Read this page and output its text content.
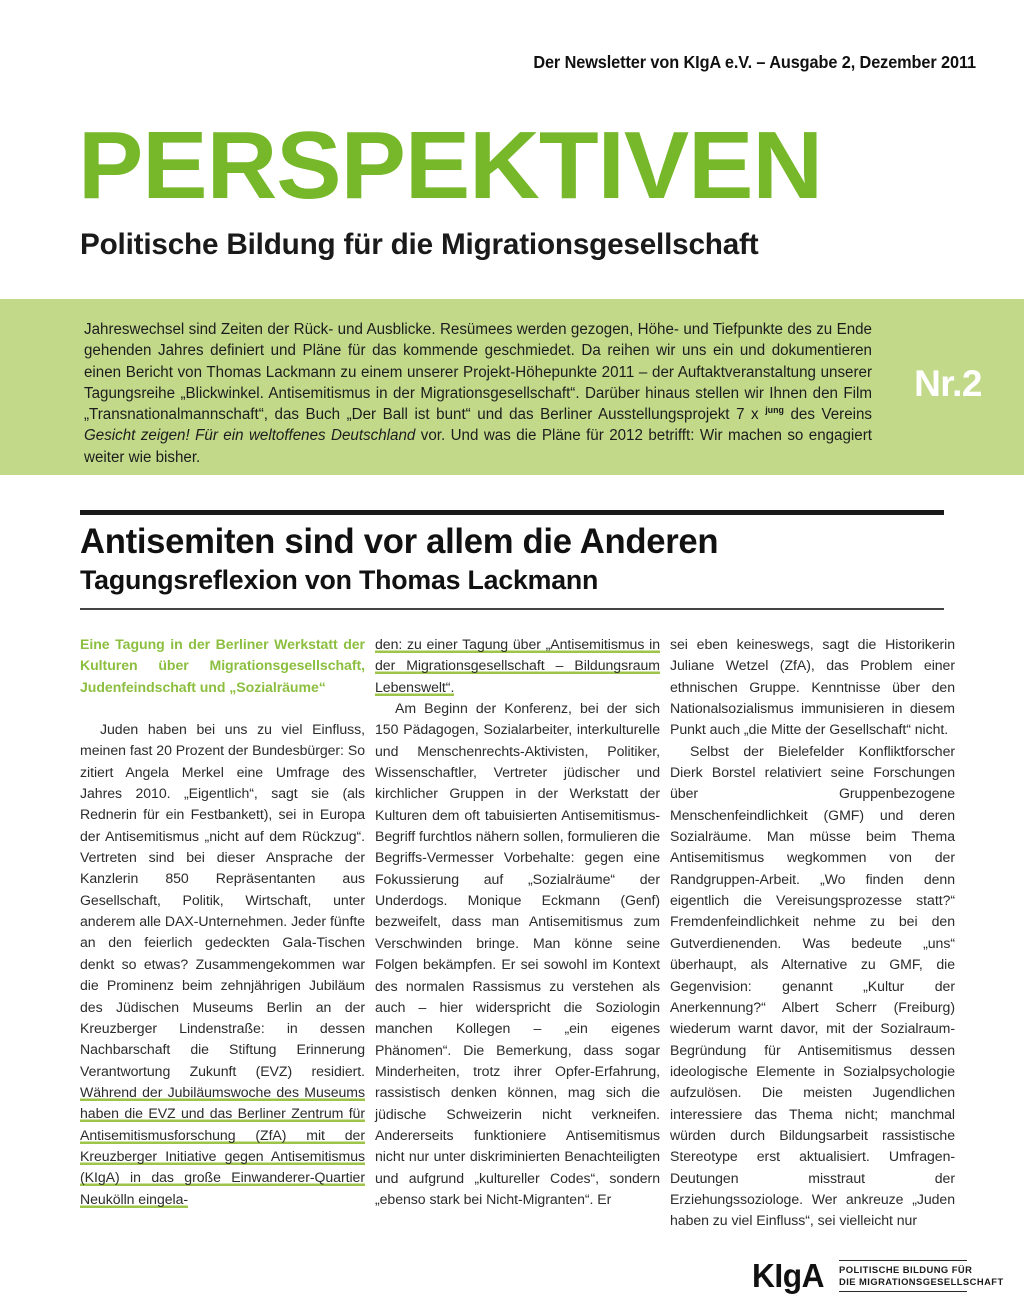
Der Newsletter von KIgA e.V. – Ausgabe 2, Dezember 2011
PERSPEKTIVEN
Politische Bildung für die Migrationsgesellschaft
Jahreswechsel sind Zeiten der Rück- und Ausblicke. Resümees werden gezogen, Höhe- und Tiefpunkte des zu Ende gehenden Jahres definiert und Pläne für das kommende geschmiedet. Da reihen wir uns ein und dokumentieren einen Bericht von Thomas Lackmann zu einem unserer Projekt-Höhepunkte 2011 – der Auftaktveranstaltung unserer Tagungsreihe „Blickwinkel. Antisemitismus in der Migrationsgesellschaft“. Darüber hinaus stellen wir Ihnen den Film „Transnationalmannschaft“, das Buch „Der Ball ist bunt“ und das Berliner Ausstellungsprojekt 7 x $^{jung}$ des Vereins Gesicht zeigen! Für ein weltoffenes Deutschland vor. Und was die Pläne für 2012 betrifft: Wir machen so engagiert weiter wie bisher.
Nr.2
Antisemiten sind vor allem die Anderen
Tagungsreflexion von Thomas Lackmann
Eine Tagung in der Berliner Werkstatt der Kulturen über Migrationsgesellschaft, Judenfeindschaft und „Sozialräume“
Juden haben bei uns zu viel Einfluss, meinen fast 20 Prozent der Bundesbürger: So zitiert Angela Merkel eine Umfrage des Jahres 2010. „Eigentlich“, sagt sie (als Rednerin für ein Festbankett), sei in Europa der Antisemitismus „nicht auf dem Rückzug“. Vertreten sind bei dieser Ansprache der Kanzlerin 850 Repräsentanten aus Gesellschaft, Politik, Wirtschaft, unter anderem alle DAX-Unternehmen. Jeder fünfte an den feierlich gedeckten Gala-Tischen denkt so etwas? Zusammengekommen war die Prominenz beim zehnjährigen Jubiläum des Jüdischen Museums Berlin an der Kreuzberger Lindenstraße: in dessen Nachbarschaft die Stiftung Erinnerung Verantwortung Zukunft (EVZ) residiert. Während der Jubiläumswoche des Museums haben die EVZ und das Berliner Zentrum für Antisemitismusforschung (ZfA) mit der Kreuzberger Initiative gegen Antisemitismus (KIgA) in das große Einwanderer-Quartier Neukölln eingela-
den: zu einer Tagung über „Antisemitismus in der Migrationsgesellschaft – Bildungsraum Lebenswelt“.
Am Beginn der Konferenz, bei der sich 150 Pädagogen, Sozialarbeiter, interkulturelle und Menschenrechts-Aktivisten, Politiker, Wissenschaftler, Vertreter jüdischer und kirchlicher Gruppen in der Werkstatt der Kulturen dem oft tabuisierten Antisemitismus-Begriff furchtlos nähern sollen, formulieren die Begriffs-Vermesser Vorbehalte: gegen eine Fokussierung auf „Sozialräume“ der Underdogs. Monique Eckmann (Genf) bezweifelt, dass man Antisemitismus zum Verschwinden bringe. Man könne seine Folgen bekämpfen. Er sei sowohl im Kontext des normalen Rassismus zu verstehen als auch – hier widerspricht die Soziologin manchen Kollegen – „ein eigenes Phänomen“. Die Bemerkung, dass sogar Minderheiten, trotz ihrer Opfer-Erfahrung, rassistisch denken können, mag sich die jüdische Schweizerin nicht verkneifen. Andererseits funktioniere Antisemitismus nicht nur unter diskriminierten Benachteiligten und aufgrund „kultureller Codes“, sondern „ebenso stark bei Nicht-Migranten“. Er
sei eben keineswegs, sagt die Historikerin Juliane Wetzel (ZfA), das Problem einer ethnischen Gruppe. Kenntnisse über den Nationalsozialismus immunisieren in diesem Punkt auch „die Mitte der Gesellschaft“ nicht.
Selbst der Bielefelder Konfliktforscher Dierk Borstel relativiert seine Forschungen über Gruppenbezogene Menschenfeindlichkeit (GMF) und deren Sozialräume. Man müsse beim Thema Antisemitismus wegkommen von der Randgruppen-Arbeit. „Wo finden denn eigentlich die Vereisungsprozesse statt?“ Fremdenfeindlichkeit nehme zu bei den Gutverdienenden. Was bedeute „uns“ überhaupt, als Alternative zu GMF, die Gegenvision: genannt „Kultur der Anerkennung?“ Albert Scherr (Freiburg) wiederum warnt davor, mit der Sozialraum-Begründung für Antisemitismus dessen ideologische Elemente in Sozialpsychologie aufzulösen. Die meisten Jugendlichen interessiere das Thema nicht; manchmal würden durch Bildungsarbeit rassistische Stereotype erst aktualisiert. Umfragen-Deutungen misstraut der Erziehungssoziologe. Wer ankreuze „Juden haben zu viel Einfluss“, sei vielleicht nur
KIgA POLITISCHE BILDUNG FÜR
DIE MIGRATIONSGESELLSCHAFT
